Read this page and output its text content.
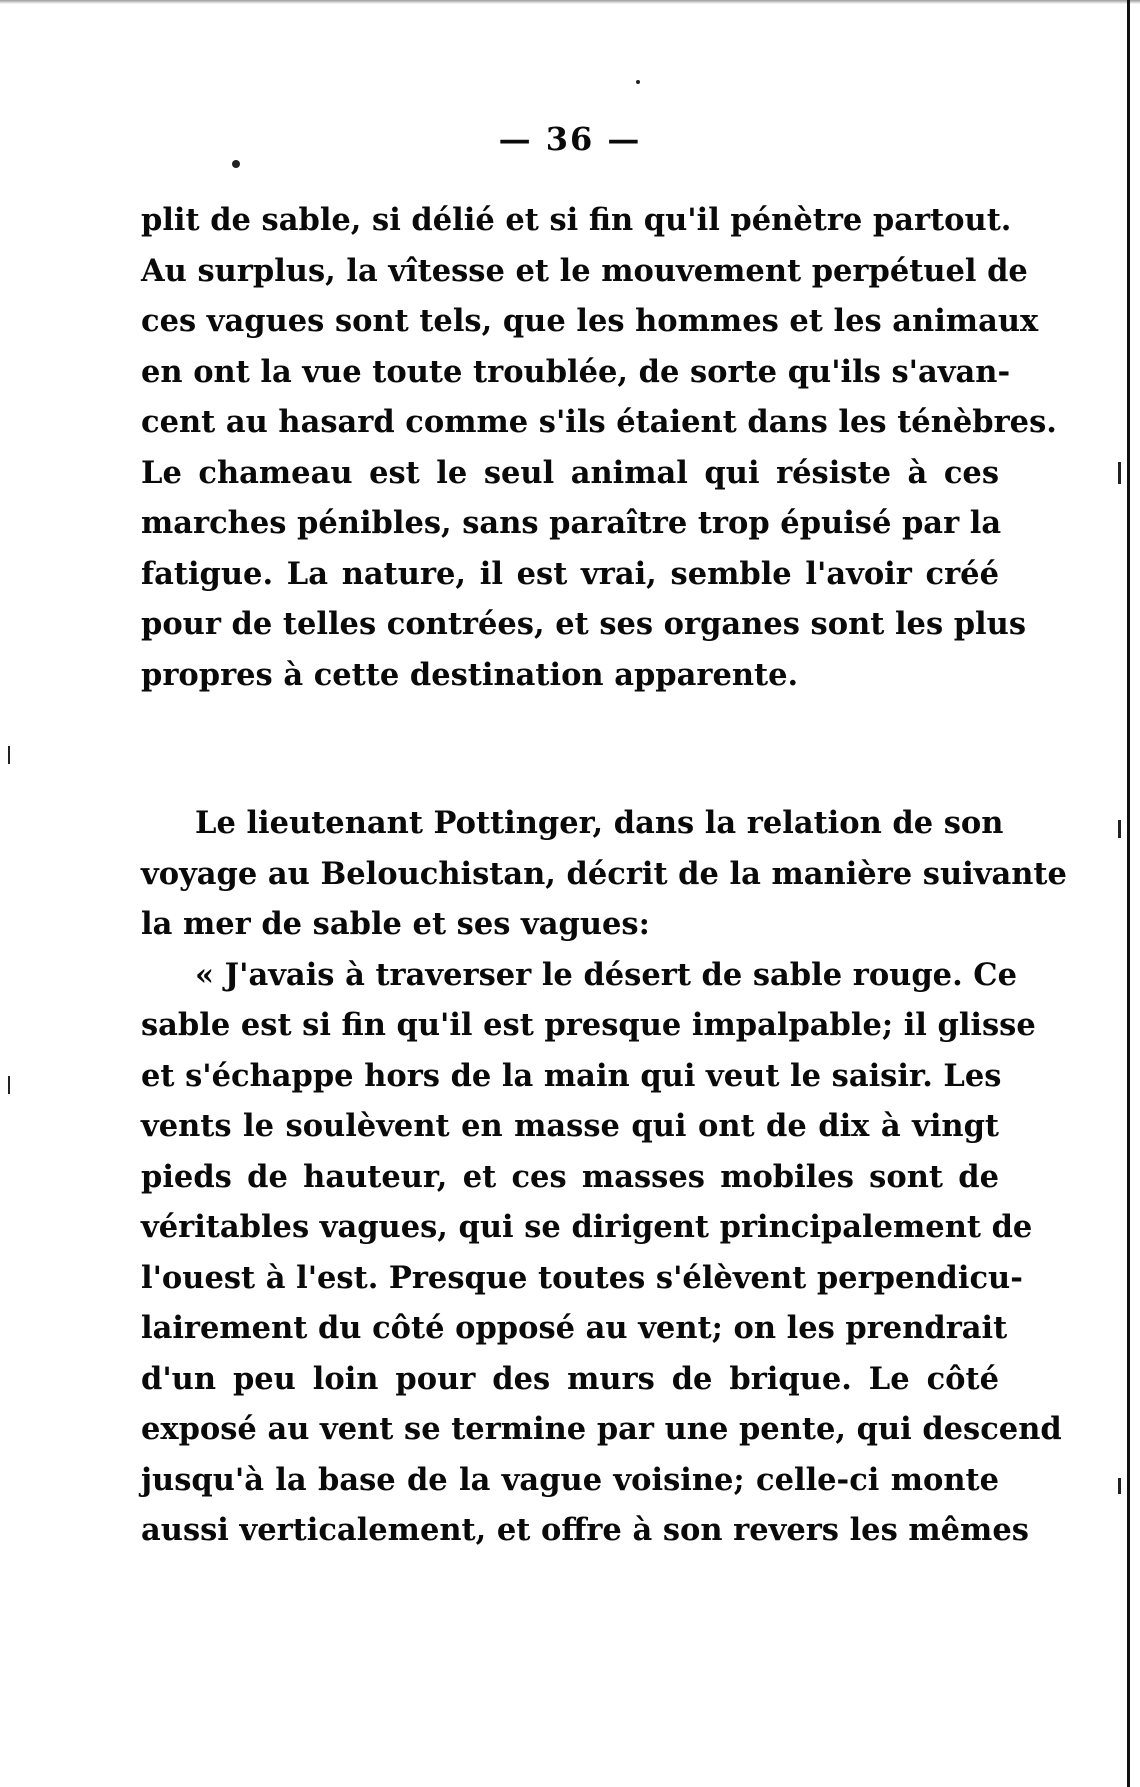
— 36 —
plit de sable, si délié et si fin qu'il pénètre partout.
Au surplus, la vîtesse et le mouvement perpétuel de
ces vagues sont tels, que les hommes et les animaux
en ont la vue toute troublée, de sorte qu'ils s'avan-
cent au hasard comme s'ils étaient dans les ténèbres.
Le chameau est le seul animal qui résiste à ces
marches pénibles, sans paraître trop épuisé par la
fatigue. La nature, il est vrai, semble l'avoir créé
pour de telles contrées, et ses organes sont les plus
propres à cette destination apparente.
Le lieutenant Pottinger, dans la relation de son
voyage au Belouchistan, décrit de la manière suivante
la mer de sable et ses vagues:
« J'avais à traverser le désert de sable rouge. Ce
sable est si fin qu'il est presque impalpable; il glisse
et s'échappe hors de la main qui veut le saisir. Les
vents le soulèvent en masse qui ont de dix à vingt
pieds de hauteur, et ces masses mobiles sont de
véritables vagues, qui se dirigent principalement de
l'ouest à l'est. Presque toutes s'élèvent perpendicu-
lairement du côté opposé au vent; on les prendrait
d'un peu loin pour des murs de brique. Le côté
exposé au vent se termine par une pente, qui descend
jusqu'à la base de la vague voisine; celle-ci monte
aussi verticalement, et offre à son revers les mêmes
